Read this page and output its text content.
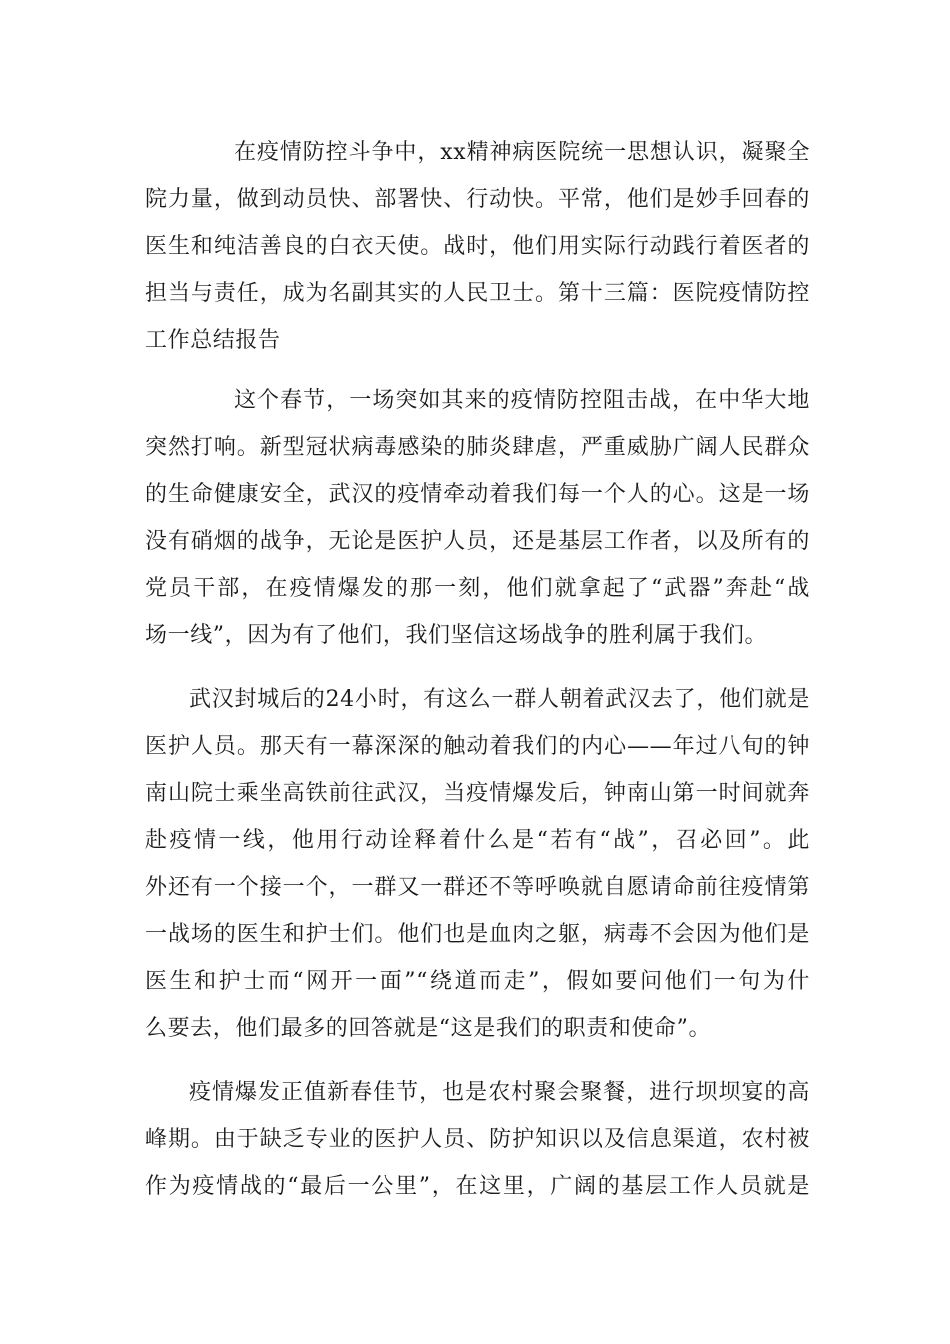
在疫情防控斗争中，xx精神病医院统一思想认识，凝聚全
院力量，做到动员快、部署快、行动快。平常，他们是妙手回春的
医生和纯洁善良的白衣天使。战时，他们用实际行动践行着医者的
担当与责任，成为名副其实的人民卫士。第十三篇：医院疫情防控
工作总结报告
这个春节，一场突如其来的疫情防控阻击战，在中华大地
突然打响。新型冠状病毒感染的肺炎肆虐，严重威胁广阔人民群众
的生命健康安全，武汉的疫情牵动着我们每一个人的心。这是一场
没有硝烟的战争，无论是医护人员，还是基层工作者，以及所有的
党员干部，在疫情爆发的那一刻，他们就拿起了“武器”奔赴“战
场一线”，因为有了他们，我们坚信这场战争的胜利属于我们。
武汉封城后的24小时，有这么一群人朝着武汉去了，他们就是
医护人员。那天有一幕深深的触动着我们的内心——年过八旬的钟
南山院士乘坐高铁前往武汉，当疫情爆发后，钟南山第一时间就奔
赴疫情一线，他用行动诠释着什么是“若有“战”，召必回”。此
外还有一个接一个，一群又一群还不等呼唤就自愿请命前往疫情第
一战场的医生和护士们。他们也是血肉之躯，病毒不会因为他们是
医生和护士而“网开一面”“绕道而走”，假如要问他们一句为什
么要去，他们最多的回答就是“这是我们的职责和使命”。
疫情爆发正值新春佳节，也是农村聚会聚餐，进行坝坝宴的高
峰期。由于缺乏专业的医护人员、防护知识以及信息渠道，农村被
作为疫情战的“最后一公里”，在这里，广阔的基层工作人员就是
